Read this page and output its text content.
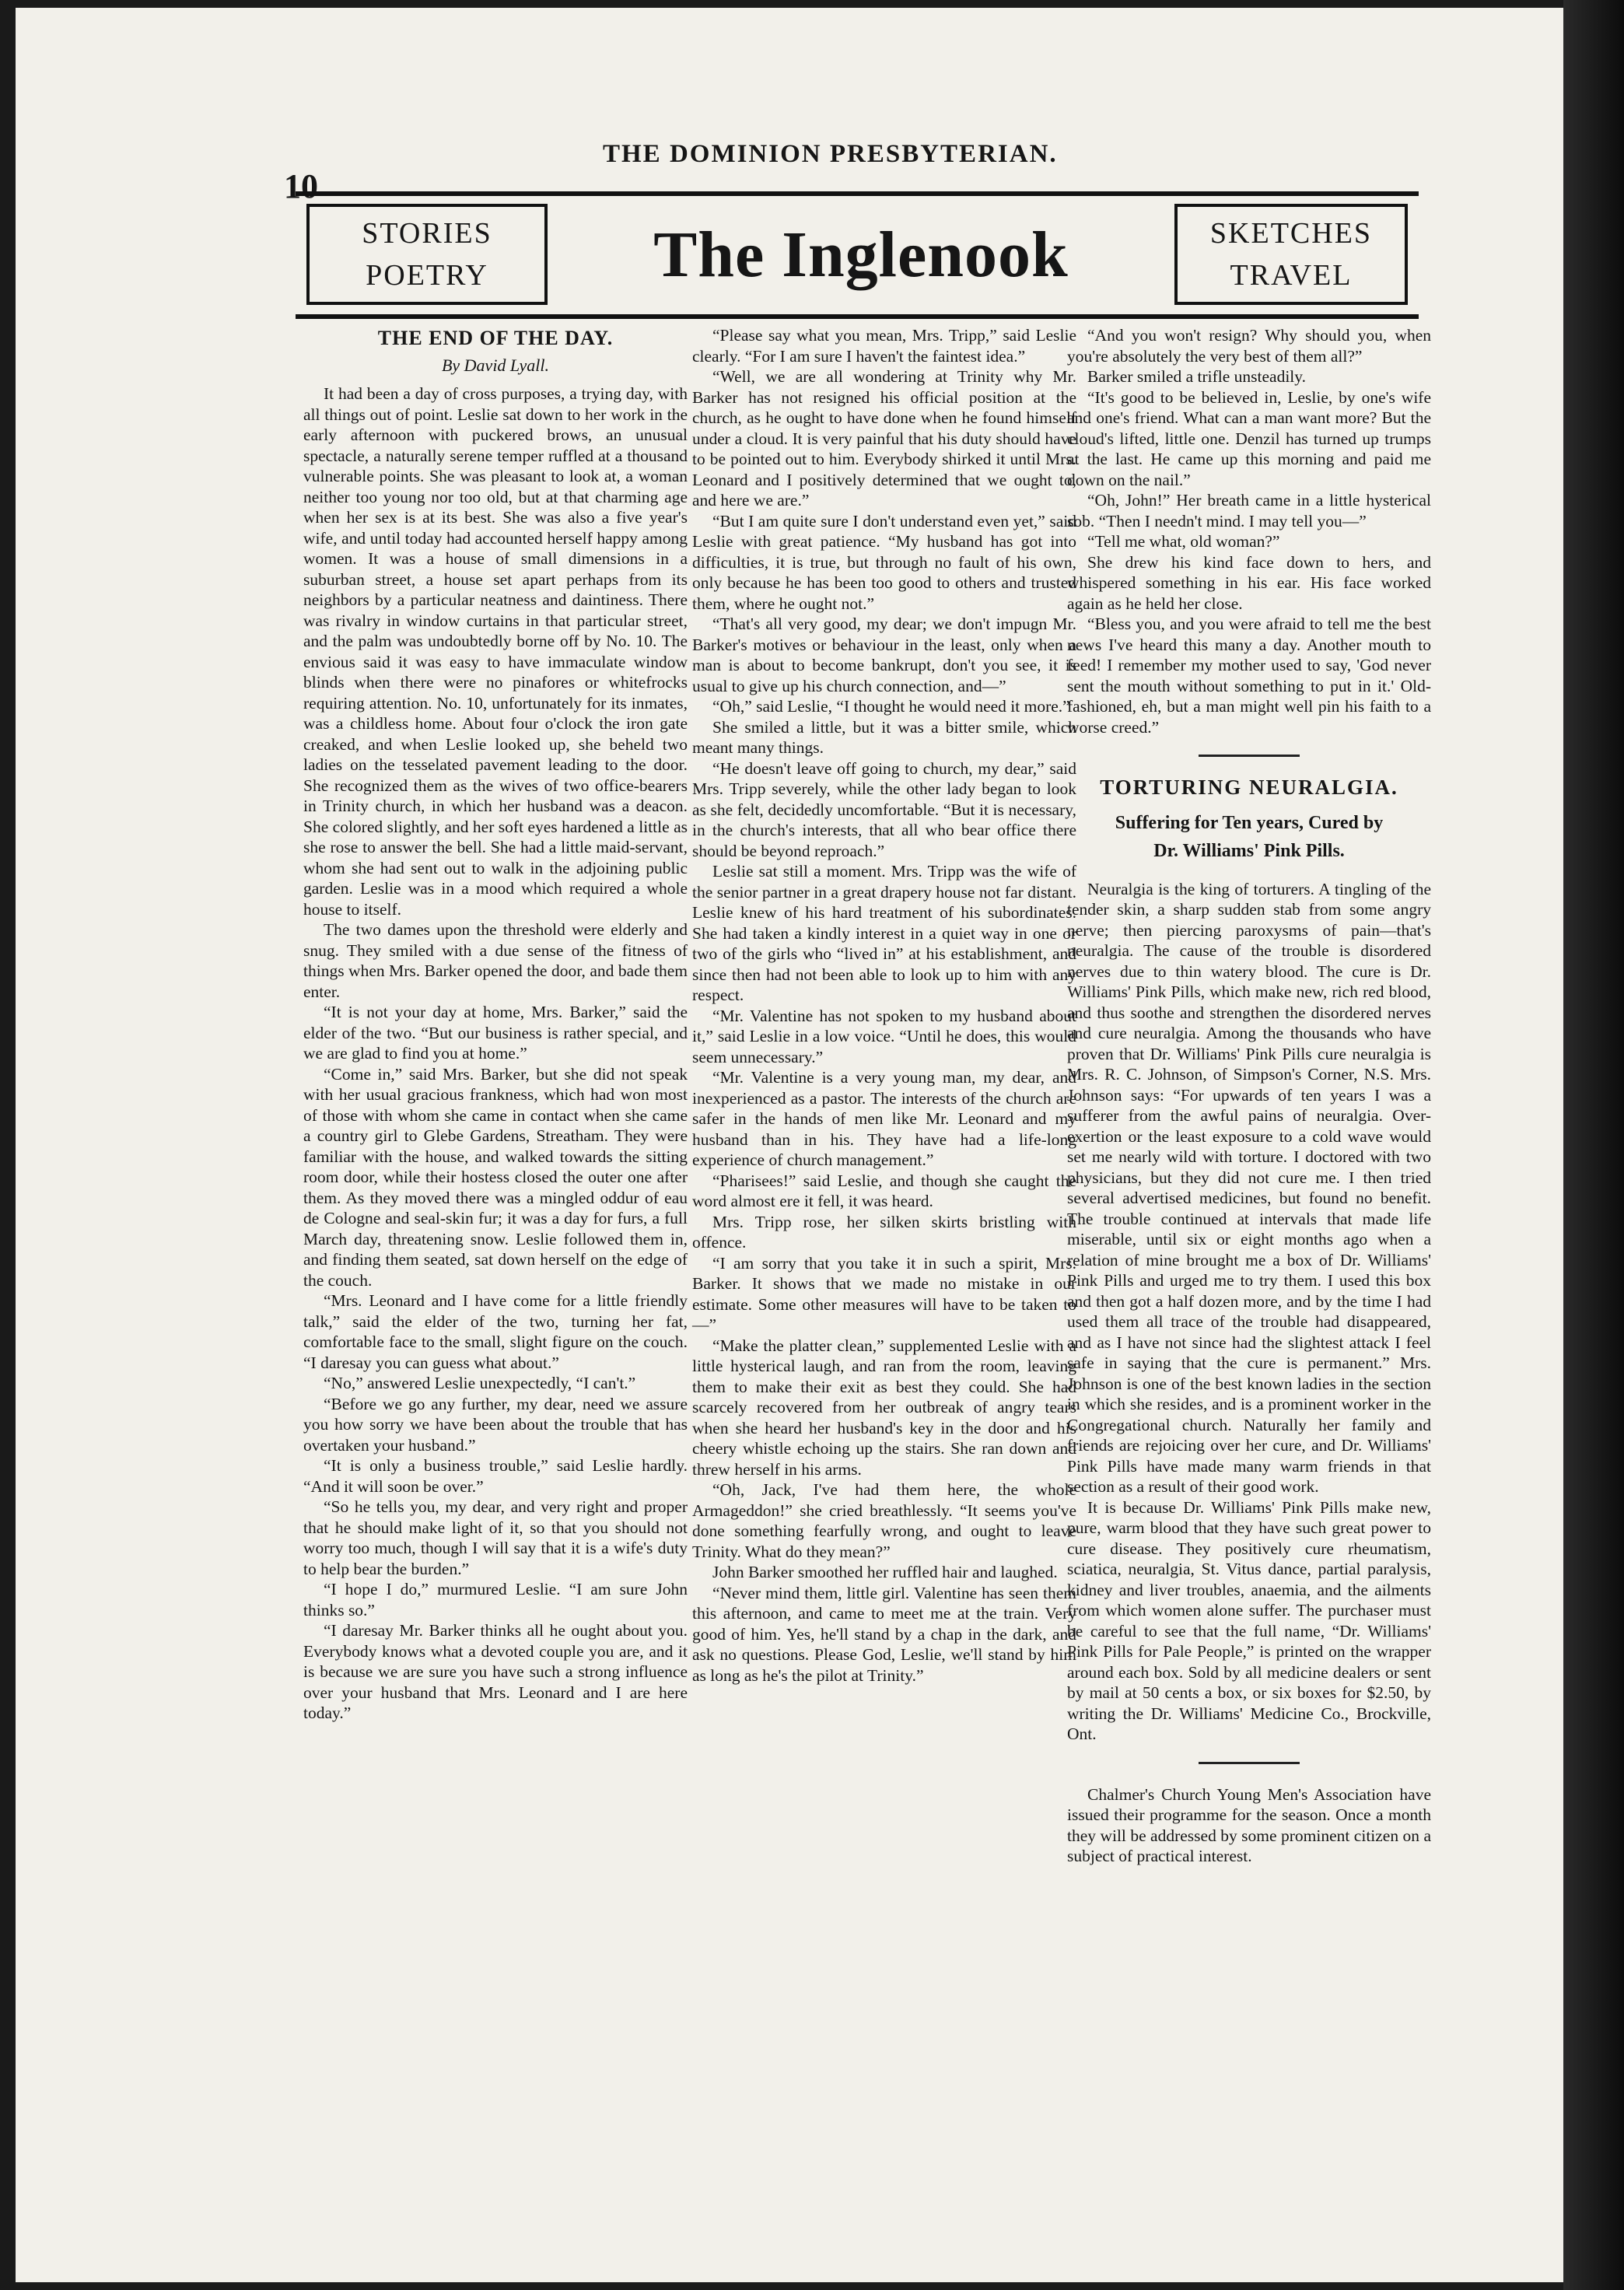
10
THE DOMINION PRESBYTERIAN.
STORIES
POETRY	The Inglenook	SKETCHES
TRAVEL
THE END OF THE DAY.
By David Lyall.

It had been a day of cross purposes, a trying day, with all things out of point. Leslie sat down to her work in the early afternoon with puckered brows, an unusual spectacle, a naturally serene temper ruffled at a thousand vulnerable points. She was pleasant to look at, a woman neither too young nor too old, but at that charming age when her sex is at its best. She was also a five year's wife, and until today had accounted herself happy among women. It was a house of small dimensions in a suburban street, a house set apart perhaps from its neighbors by a particular neatness and daintiness. There was rivalry in window curtains in that particular street, and the palm was undoubtedly borne off by No. 10. The envious said it was easy to have immaculate window blinds when there were no pinafores or whitefrocks requiring attention. No. 10, unfortunately for its inmates, was a childless home. About four o'clock the iron gate creaked, and when Leslie looked up, she beheld two ladies on the tesselated pavement leading to the door. She recognized them as the wives of two office-bearers in Trinity church, in which her husband was a deacon. She colored slightly, and her soft eyes hardened a little as she rose to answer the bell. She had a little maid-servant, whom she had sent out to walk in the adjoining public garden. Leslie was in a mood which required a whole house to itself.

The two dames upon the threshold were elderly and snug. They smiled with a due sense of the fitness of things when Mrs. Barker opened the door, and bade them enter.

“It is not your day at home, Mrs. Barker,” said the elder of the two. “But our business is rather special, and we are glad to find you at home.”

“Come in,” said Mrs. Barker, but she did not speak with her usual gracious frankness, which had won most of those with whom she came in contact when she came a country girl to Glebe Gardens, Streatham. They were familiar with the house, and walked towards the sitting room door, while their hostess closed the outer one after them. As they moved there was a mingled oddur of eau de Cologne and seal-skin fur; it was a day for furs, a full March day, threatening snow. Leslie followed them in, and finding them seated, sat down herself on the edge of the couch.

“Mrs. Leonard and I have come for a little friendly talk,” said the elder of the two, turning her fat, comfortable face to the small, slight figure on the couch. “I daresay you can guess what about.”

“No,” answered Leslie unexpectedly, “I can't.”

“Before we go any further, my dear, need we assure you how sorry we have been about the trouble that has overtaken your husband.”

“It is only a business trouble,” said Leslie hardly. “And it will soon be over.”

“So he tells you, my dear, and very right and proper that he should make light of it, so that you should not worry too much, though I will say that it is a wife's duty to help bear the burden.”

“I hope I do,” murmured Leslie. “I am sure John thinks so.”

“I daresay Mr. Barker thinks all he ought about you. Everybody knows what a devoted couple you are, and it is because we are sure you have such a strong influence over your husband that Mrs. Leonard and I are here today.”

“Please say what you mean, Mrs. Tripp,” said Leslie clearly. “For I am sure I haven't the faintest idea.”

“Well, we are all wondering at Trinity why Mr. Barker has not resigned his official position at the church, as he ought to have done when he found himself under a cloud. It is very painful that his duty should have to be pointed out to him. Everybody shirked it until Mrs. Leonard and I positively determined that we ought to, and here we are.”

“But I am quite sure I don't understand even yet,” said Leslie with great patience. “My husband has got into difficulties, it is true, but through no fault of his own, only because he has been too good to others and trusted them, where he ought not.”

“That's all very good, my dear; we don't impugn Mr. Barker's motives or behaviour in the least, only when a man is about to become bankrupt, don't you see, it is usual to give up his church connection, and—”

“Oh,” said Leslie, “I thought he would need it more.”

She smiled a little, but it was a bitter smile, which meant many things.

“He doesn't leave off going to church, my dear,” said Mrs. Tripp severely, while the other lady began to look as she felt, decidedly uncomfortable. “But it is necessary, in the church's interests, that all who bear office there should be beyond reproach.”

Leslie sat still a moment. Mrs. Tripp was the wife of the senior partner in a great drapery house not far distant. Leslie knew of his hard treatment of his subordinates. She had taken a kindly interest in a quiet way in one or two of the girls who “lived in” at his establishment, and since then had not been able to look up to him with any respect.

“Mr. Valentine has not spoken to my husband about it,” said Leslie in a low voice. “Until he does, this would seem unnecessary.”

“Mr. Valentine is a very young man, my dear, and inexperienced as a pastor. The interests of the church are safer in the hands of men like Mr. Leonard and my husband than in his. They have had a life-long experience of church management.”

“Pharisees!” said Leslie, and though she caught the word almost ere it fell, it was heard.

Mrs. Tripp rose, her silken skirts bristling with offence.

“I am sorry that you take it in such a spirit, Mrs. Barker. It shows that we made no mistake in our estimate. Some other measures will have to be taken to—”

“Make the platter clean,” supplemented Leslie with a little hysterical laugh, and ran from the room, leaving them to make their exit as best they could. She had scarcely recovered from her outbreak of angry tears when she heard her husband's key in the door and his cheery whistle echoing up the stairs. She ran down and threw herself in his arms.

“Oh, Jack, I've had them here, the whole Armageddon!” she cried breathlessly. “It seems you've done something fearfully wrong, and ought to leave Trinity. What do they mean?”

John Barker smoothed her ruffled hair and laughed.

“Never mind them, little girl. Valentine has seen them this afternoon, and came to meet me at the train. Very good of him. Yes, he'll stand by a chap in the dark, and ask no questions. Please God, Leslie, we'll stand by him as long as he's the pilot at Trinity.”

“And you won't resign? Why should you, when you're absolutely the very best of them all?”

Barker smiled a trifle unsteadily.

“It's good to be believed in, Leslie, by one's wife and one's friend. What can a man want more? But the cloud's lifted, little one. Denzil has turned up trumps at the last. He came up this morning and paid me down on the nail.”

“Oh, John!” Her breath came in a little hysterical sob. “Then I needn't mind. I may tell you—”

“Tell me what, old woman?”

She drew his kind face down to hers, and whispered something in his ear. His face worked again as he held her close.

“Bless you, and you were afraid to tell me the best news I've heard this many a day. Another mouth to feed! I remember my mother used to say, 'God never sent the mouth without something to put in it.' Old-fashioned, eh, but a man might well pin his faith to a worse creed.”

TORTURING NEURALGIA.
Suffering for Ten years, Cured by
Dr. Williams' Pink Pills.

Neuralgia is the king of torturers. A tingling of the tender skin, a sharp sudden stab from some angry nerve; then piercing paroxysms of pain—that's neuralgia. The cause of the trouble is disordered nerves due to thin watery blood. The cure is Dr. Williams' Pink Pills, which make new, rich red blood, and thus soothe and strengthen the disordered nerves and cure neuralgia. Among the thousands who have proven that Dr. Williams' Pink Pills cure neuralgia is Mrs. R. C. Johnson, of Simpson's Corner, N.S. Mrs. Johnson says: “For upwards of ten years I was a sufferer from the awful pains of neuralgia. Over-exertion or the least exposure to a cold wave would set me nearly wild with torture. I doctored with two physicians, but they did not cure me. I then tried several advertised medicines, but found no benefit. The trouble continued at intervals that made life miserable, until six or eight months ago when a relation of mine brought me a box of Dr. Williams' Pink Pills and urged me to try them. I used this box and then got a half dozen more, and by the time I had used them all trace of the trouble had disappeared, and as I have not since had the slightest attack I feel safe in saying that the cure is permanent.” Mrs. Johnson is one of the best known ladies in the section in which she resides, and is a prominent worker in the Congregational church. Naturally her family and friends are rejoicing over her cure, and Dr. Williams' Pink Pills have made many warm friends in that section as a result of their good work.

It is because Dr. Williams' Pink Pills make new, pure, warm blood that they have such great power to cure disease. They positively cure rheumatism, sciatica, neuralgia, St. Vitus dance, partial paralysis, kidney and liver troubles, anaemia, and the ailments from which women alone suffer. The purchaser must be careful to see that the full name, “Dr. Williams' Pink Pills for Pale People,” is printed on the wrapper around each box. Sold by all medicine dealers or sent by mail at 50 cents a box, or six boxes for $2.50, by writing the Dr. Williams' Medicine Co., Brockville, Ont.

Chalmer's Church Young Men's Association have issued their programme for the season. Once a month they will be addressed by some prominent citizen on a subject of practical interest.
